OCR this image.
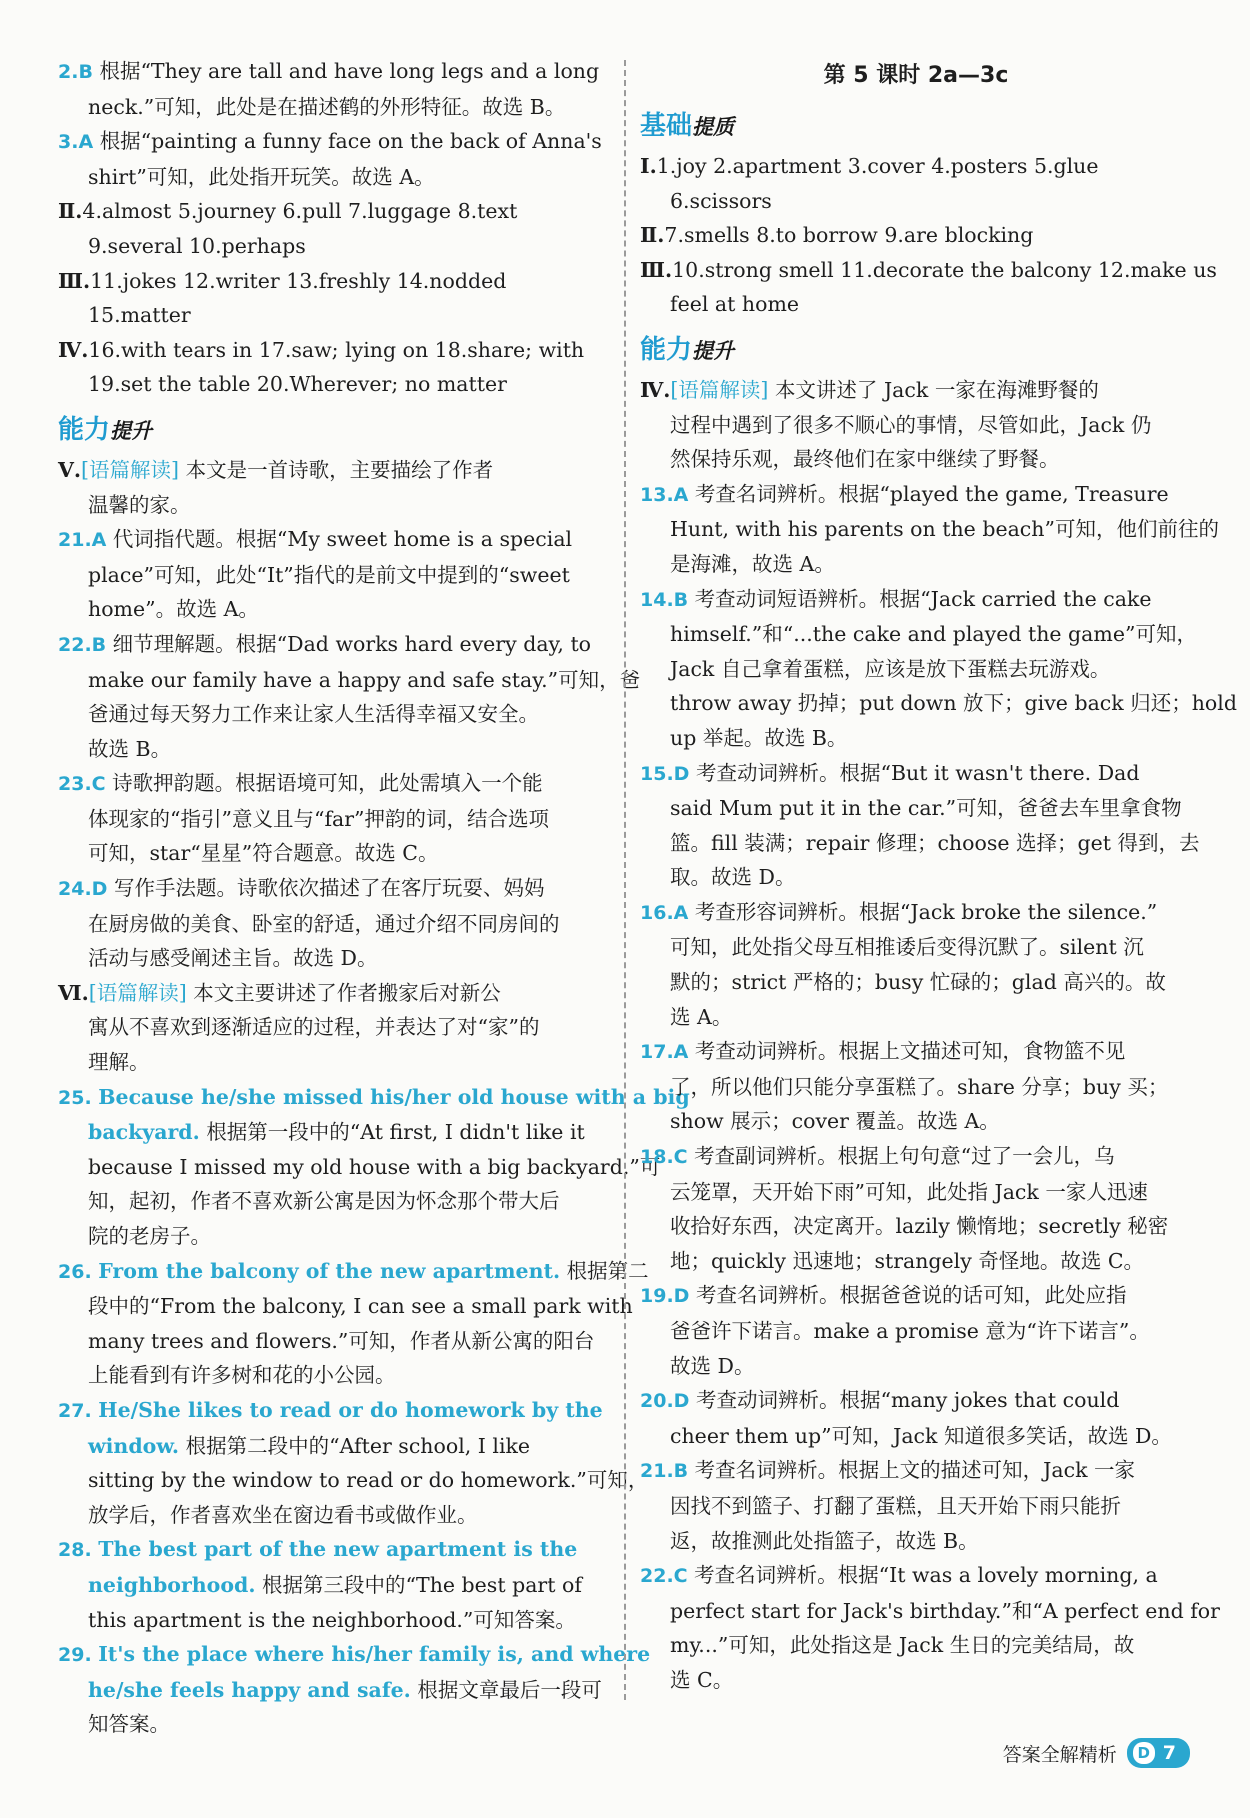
2.B 根据“They are tall and have long legs and a long
neck.”可知，此处是在描述鹤的外形特征。故选 B。
3.A 根据“painting a funny face on the back of Anna's
shirt”可知，此处指开玩笑。故选 A。
Ⅱ.4.almost 5.journey 6.pull 7.luggage 8.text
9.several 10.perhaps
Ⅲ.11.jokes 12.writer 13.freshly 14.nodded
15.matter
Ⅳ.16.with tears in 17.saw; lying on 18.share; with
19.set the table 20.Wherever; no matter
能力提升
Ⅴ.[语篇解读] 本文是一首诗歌，主要描绘了作者
温馨的家。
21.A 代词指代题。根据“My sweet home is a special
place”可知，此处“It”指代的是前文中提到的“sweet
home”。故选 A。
22.B 细节理解题。根据“Dad works hard every day, to
make our family have a happy and safe stay.”可知，爸
爸通过每天努力工作来让家人生活得幸福又安全。
故选 B。
23.C 诗歌押韵题。根据语境可知，此处需填入一个能
体现家的“指引”意义且与“far”押韵的词，结合选项
可知，star“星星”符合题意。故选 C。
24.D 写作手法题。诗歌依次描述了在客厅玩耍、妈妈
在厨房做的美食、卧室的舒适，通过介绍不同房间的
活动与感受阐述主旨。故选 D。
Ⅵ.[语篇解读] 本文主要讲述了作者搬家后对新公
寓从不喜欢到逐渐适应的过程，并表达了对“家”的
理解。
25. Because he/she missed his/her old house with a big
backyard. 根据第一段中的“At first, I didn't like it
because I missed my old house with a big backyard.”可
知，起初，作者不喜欢新公寓是因为怀念那个带大后
院的老房子。
26. From the balcony of the new apartment. 根据第二
段中的“From the balcony, I can see a small park with
many trees and flowers.”可知，作者从新公寓的阳台
上能看到有许多树和花的小公园。
27. He/She likes to read or do homework by the
window. 根据第二段中的“After school, I like
sitting by the window to read or do homework.”可知，
放学后，作者喜欢坐在窗边看书或做作业。
28. The best part of the new apartment is the
neighborhood. 根据第三段中的“The best part of
this apartment is the neighborhood.”可知答案。
29. It's the place where his/her family is, and where
he/she feels happy and safe. 根据文章最后一段可
知答案。
第 5 课时 2a—3c
基础提质
Ⅰ.1.joy 2.apartment 3.cover 4.posters 5.glue
6.scissors
Ⅱ.7.smells 8.to borrow 9.are blocking
Ⅲ.10.strong smell 11.decorate the balcony 12.make us
feel at home
能力提升
Ⅳ.[语篇解读] 本文讲述了 Jack 一家在海滩野餐的
过程中遇到了很多不顺心的事情，尽管如此，Jack 仍
然保持乐观，最终他们在家中继续了野餐。
13.A 考查名词辨析。根据“played the game, Treasure
Hunt, with his parents on the beach”可知，他们前往的
是海滩，故选 A。
14.B 考查动词短语辨析。根据“Jack carried the cake
himself.”和“...the cake and played the game”可知，
Jack 自己拿着蛋糕，应该是放下蛋糕去玩游戏。
throw away 扔掉；put down 放下；give back 归还；hold
up 举起。故选 B。
15.D 考查动词辨析。根据“But it wasn't there. Dad
said Mum put it in the car.”可知，爸爸去车里拿食物
篮。fill 装满；repair 修理；choose 选择；get 得到，去
取。故选 D。
16.A 考查形容词辨析。根据“Jack broke the silence.”
可知，此处指父母互相推诿后变得沉默了。silent 沉
默的；strict 严格的；busy 忙碌的；glad 高兴的。故
选 A。
17.A 考查动词辨析。根据上文描述可知，食物篮不见
了，所以他们只能分享蛋糕了。share 分享；buy 买；
show 展示；cover 覆盖。故选 A。
18.C 考查副词辨析。根据上句句意“过了一会儿，乌
云笼罩，天开始下雨”可知，此处指 Jack 一家人迅速
收拾好东西，决定离开。lazily 懒惰地；secretly 秘密
地；quickly 迅速地；strangely 奇怪地。故选 C。
19.D 考查名词辨析。根据爸爸说的话可知，此处应指
爸爸许下诺言。make a promise 意为“许下诺言”。
故选 D。
20.D 考查动词辨析。根据“many jokes that could
cheer them up”可知，Jack 知道很多笑话，故选 D。
21.B 考查名词辨析。根据上文的描述可知，Jack 一家
因找不到篮子、打翻了蛋糕，且天开始下雨只能折
返，故推测此处指篮子，故选 B。
22.C 考查名词辨析。根据“It was a lovely morning, a
perfect start for Jack's birthday.”和“A perfect end for
my...”可知，此处指这是 Jack 生日的完美结局，故
选 C。
答案全解精析	D 7
